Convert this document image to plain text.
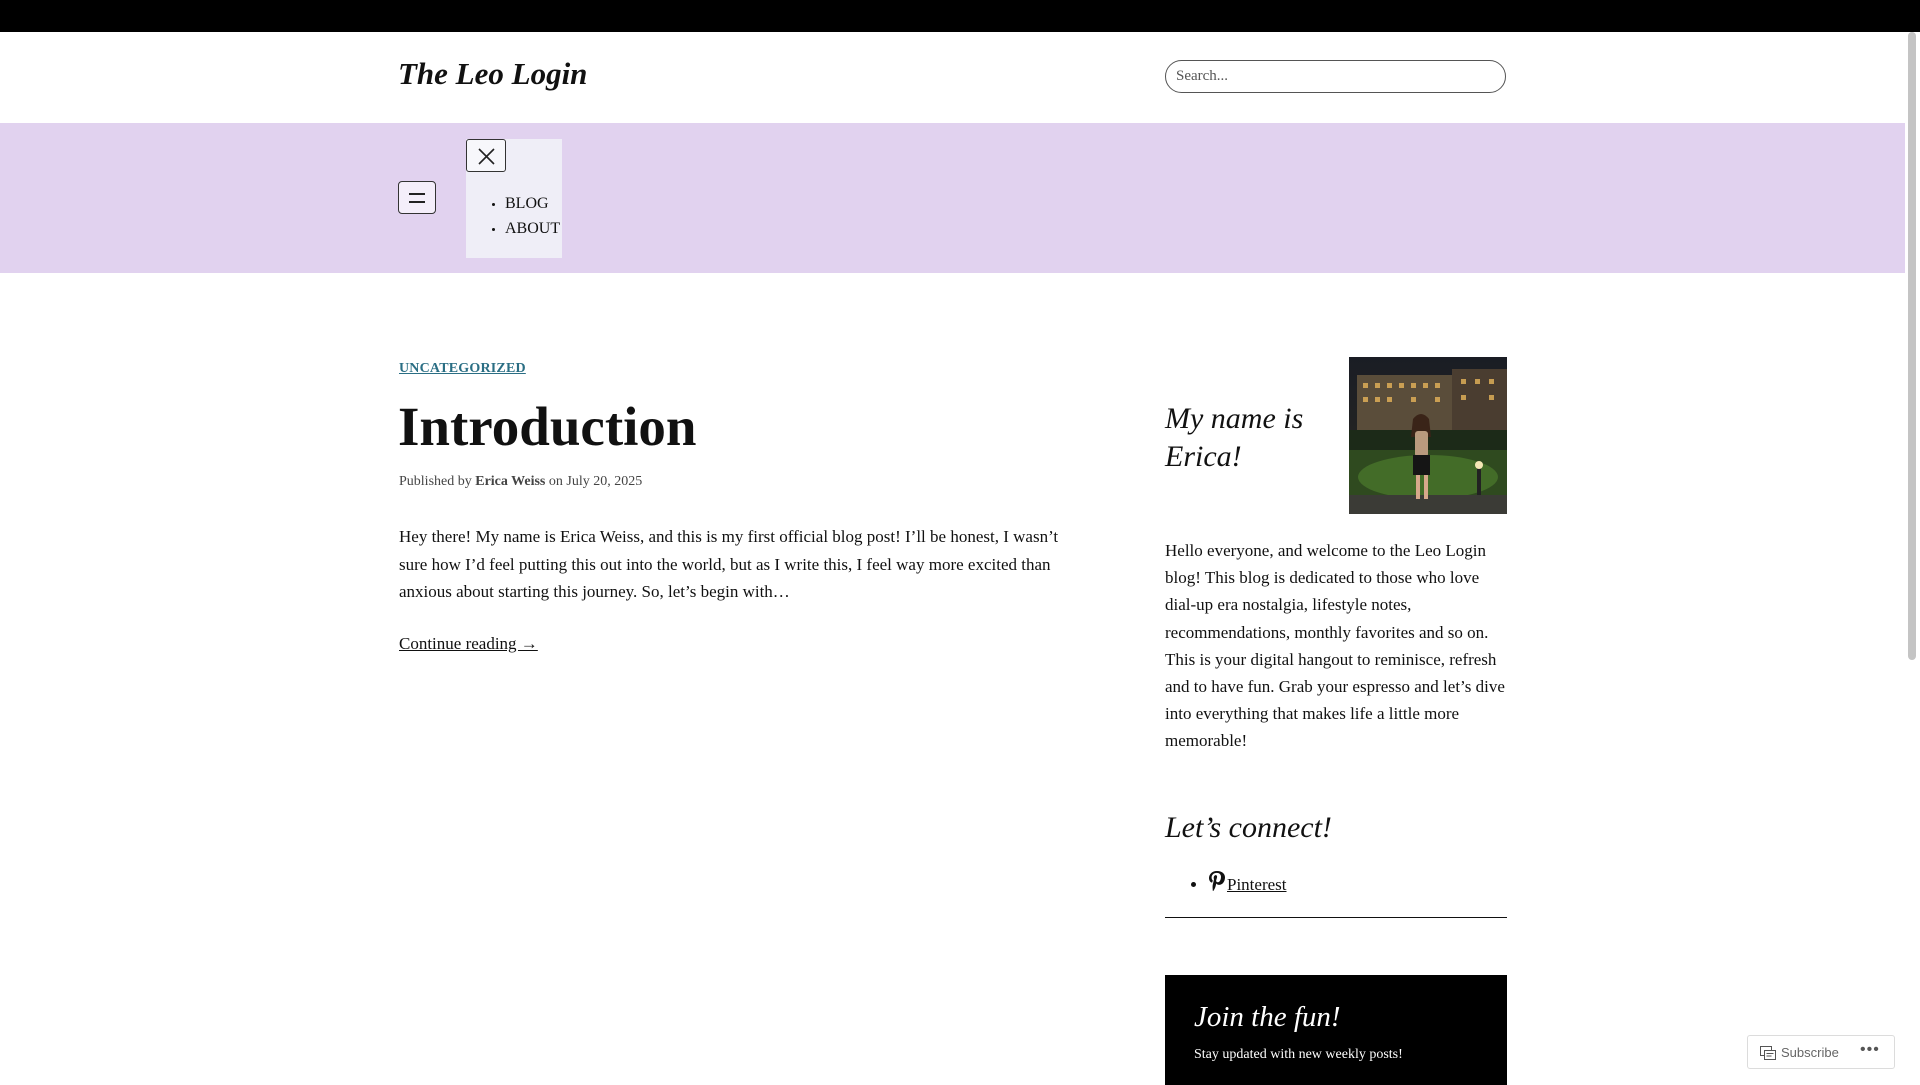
The Leo Login
Search...
• BLOG
• ABOUT
UNCATEGORIZED
Introduction
Published by Erica Weiss on July 20, 2025

Hey there! My name is Erica Weiss, and this is my first official blog post! I’ll be honest, I wasn’t sure how I’d feel putting this out into the world, but as I write this, I feel way more excited than anxious about starting this journey. So, let’s begin with…

Continue reading →
My name is Erica!

Hello everyone, and welcome to the Leo Login blog! This blog is dedicated to those who love dial-up era nostalgia, lifestyle notes, recommendations, monthly favorites and so on. This is your digital hangout to reminisce, refresh and to have fun. Grab your espresso and let’s dive into everything that makes life a little more memorable!

Let’s connect!
• Pinterest
Join the fun!

Stay updated with new weekly posts!	Subscribe •••
